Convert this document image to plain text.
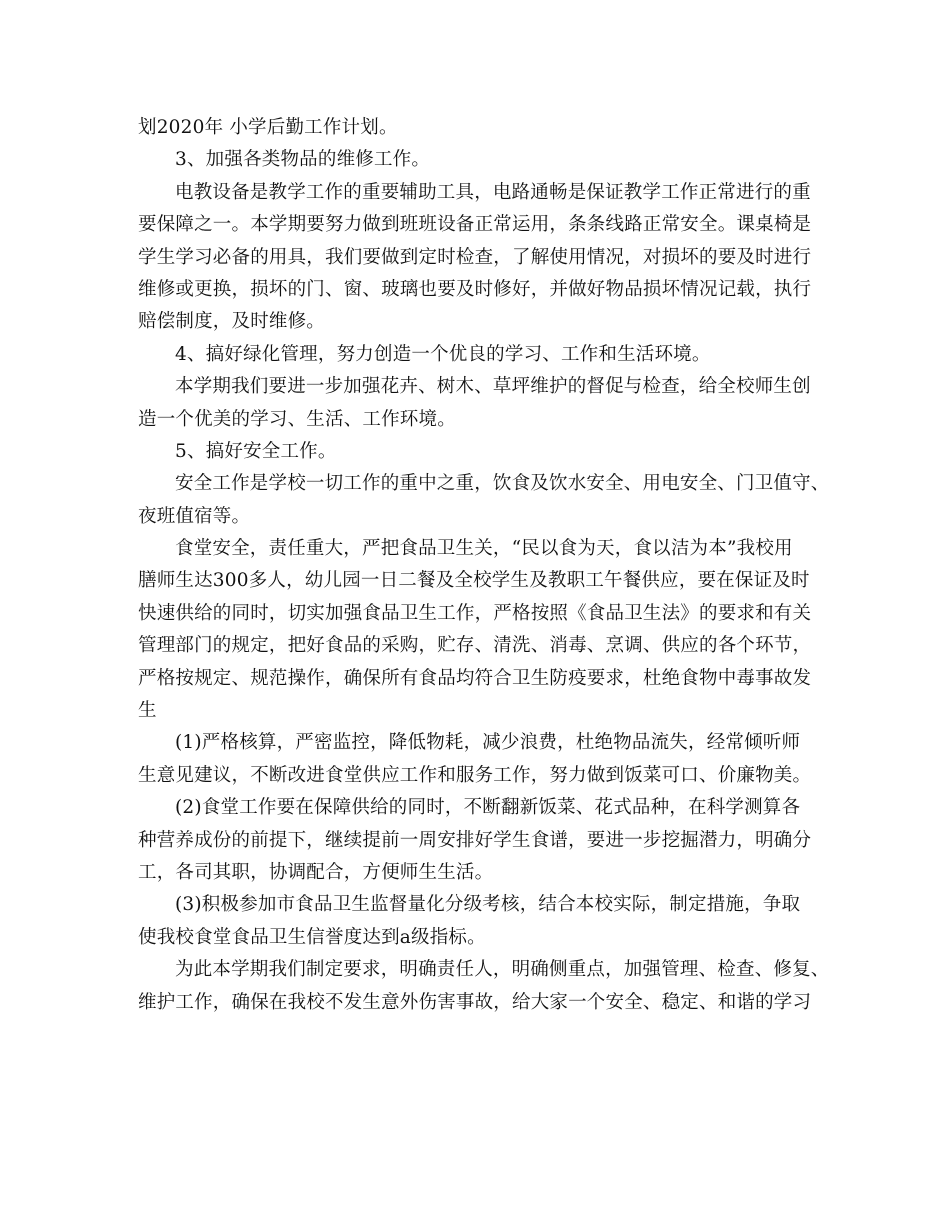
划2020年 小学后勤工作计划。
3、加强各类物品的维修工作。
电教设备是教学工作的重要辅助工具，电路通畅是保证教学工作正常进行的重
要保障之一。本学期要努力做到班班设备正常运用，条条线路正常安全。课桌椅是
学生学习必备的用具，我们要做到定时检查，了解使用情况，对损坏的要及时进行
维修或更换，损坏的门、窗、玻璃也要及时修好，并做好物品损坏情况记载，执行
赔偿制度，及时维修。
4、搞好绿化管理，努力创造一个优良的学习、工作和生活环境。
本学期我们要进一步加强花卉、树木、草坪维护的督促与检查，给全校师生创
造一个优美的学习、生活、工作环境。
5、搞好安全工作。
安全工作是学校一切工作的重中之重，饮食及饮水安全、用电安全、门卫值守、
夜班值宿等。
食堂安全，责任重大，严把食品卫生关，“民以食为天，食以洁为本”我校用
膳师生达300多人，幼儿园一日二餐及全校学生及教职工午餐供应，要在保证及时
快速供给的同时，切实加强食品卫生工作，严格按照《食品卫生法》的要求和有关
管理部门的规定，把好食品的采购，贮存、清洗、消毒、烹调、供应的各个环节，
严格按规定、规范操作，确保所有食品均符合卫生防疫要求，杜绝食物中毒事故发
生
(1)严格核算，严密监控，降低物耗，减少浪费，杜绝物品流失，经常倾听师
生意见建议，不断改进食堂供应工作和服务工作，努力做到饭菜可口、价廉物美。
(2)食堂工作要在保障供给的同时，不断翻新饭菜、花式品种，在科学测算各
种营养成份的前提下，继续提前一周安排好学生食谱，要进一步挖掘潜力，明确分
工，各司其职，协调配合，方便师生生活。
(3)积极参加市食品卫生监督量化分级考核，结合本校实际，制定措施，争取
使我校食堂食品卫生信誉度达到a级指标。
为此本学期我们制定要求，明确责任人，明确侧重点，加强管理、检查、修复、
维护工作，确保在我校不发生意外伤害事故，给大家一个安全、稳定、和谐的学习
